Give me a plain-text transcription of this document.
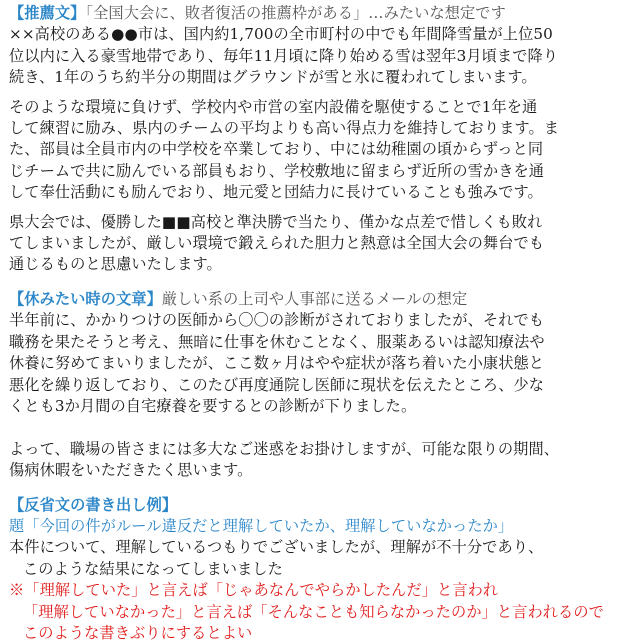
【推薦文】「全国大会に、敗者復活の推薦枠がある」…みたいな想定です
××高校のある●●市は、国内約1,700の全市町村の中でも年間降雪量が上位50
位以内に入る豪雪地帯であり、毎年11月頃に降り始める雪は翌年3月頃まで降り
続き、1年のうち約半分の期間はグラウンドが雪と氷に覆われてしまいます。
そのような環境に負けず、学校内や市営の室内設備を駆使することで1年を通
して練習に励み、県内のチームの平均よりも高い得点力を維持しております。ま
た、部員は全員市内の中学校を卒業しており、中には幼稚園の頃からずっと同
じチームで共に励んでいる部員もおり、学校敷地に留まらず近所の雪かきを通
して奉仕活動にも励んでおり、地元愛と団結力に長けていることも強みです。
県大会では、優勝した■■高校と準決勝で当たり、僅かな点差で惜しくも敗れ
てしまいましたが、厳しい環境で鍛えられた胆力と熱意は全国大会の舞台でも
通じるものと思慮いたします。
【休みたい時の文章】厳しい系の上司や人事部に送るメールの想定
半年前に、かかりつけの医師から〇〇の診断がされておりましたが、それでも
職務を果たそうと考え、無暗に仕事を休むことなく、服薬あるいは認知療法や
休養に努めてまいりましたが、ここ数ヶ月はやや症状が落ち着いた小康状態と
悪化を繰り返しており、このたび再度通院し医師に現状を伝えたところ、少な
くとも3か月間の自宅療養を要するとの診断が下りました。
よって、職場の皆さまには多大なご迷惑をお掛けしますが、可能な限りの期間、
傷病休暇をいただきたく思います。
【反省文の書き出し例】
題「今回の件がルール違反だと理解していたか、理解していなかったか」
本件について、理解しているつもりでございましたが、理解が不十分であり、
このような結果になってしまいました
※「理解していた」と言えば「じゃあなんでやらかしたんだ」と言われ
「理解していなかった」と言えば「そんなことも知らなかったのか」と言われるので
このような書きぶりにするとよい
